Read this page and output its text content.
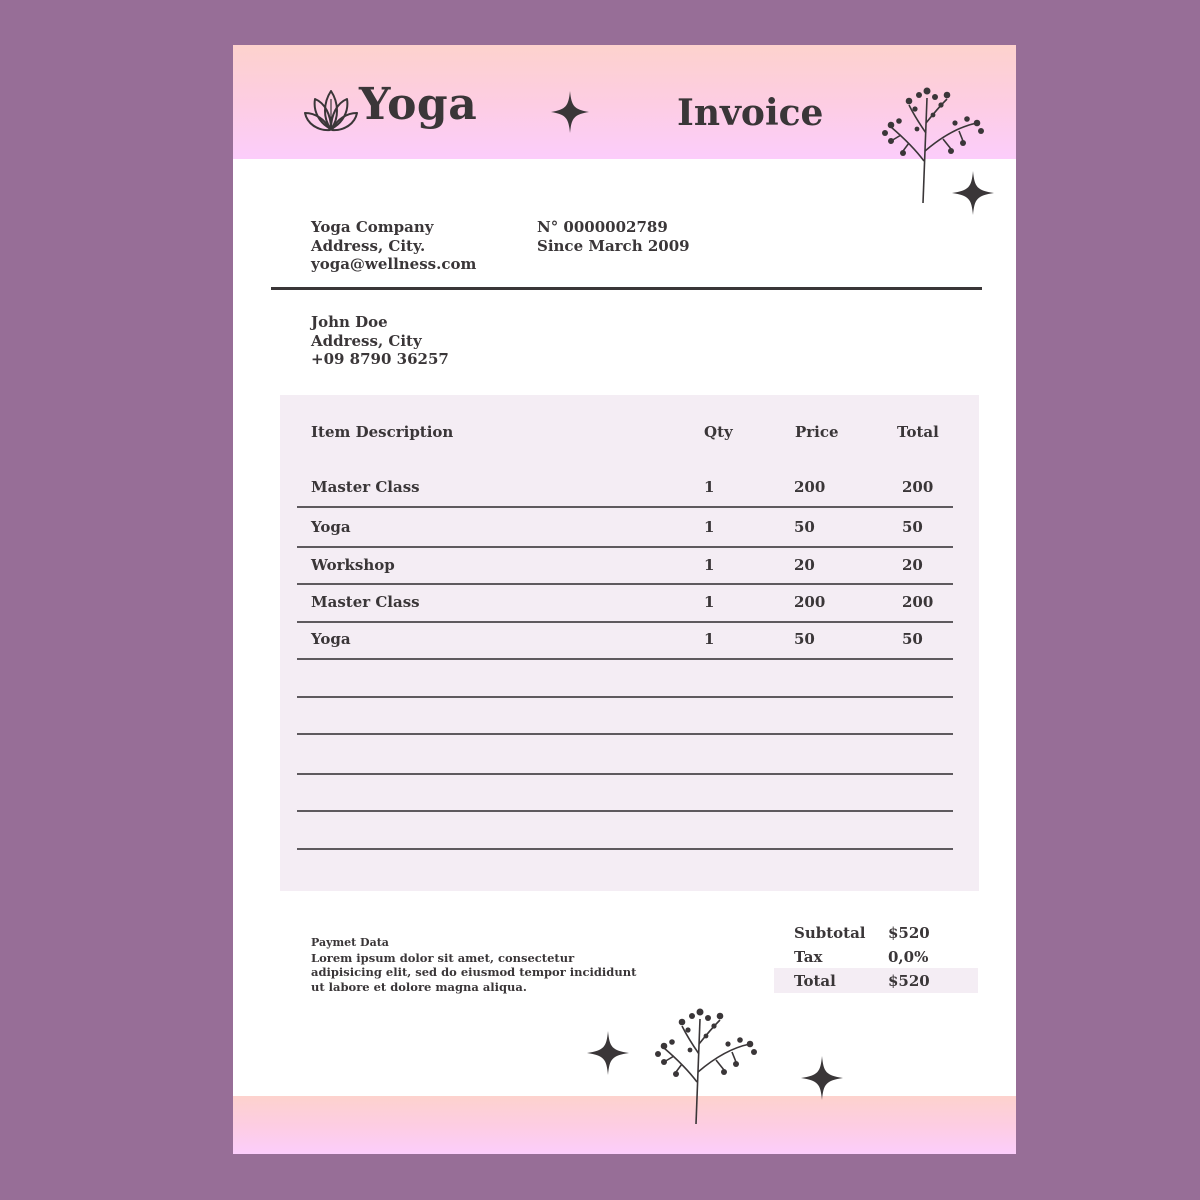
Yoga	Invoice
Yoga Company
Address, City.
yoga@wellness.com
N° 0000002789
Since March 2009
John Doe
Address, City
+09 8790 36257
Item Description	Qty	Price	Total
Master Class	1	200	200
Yoga	1	50	50
Workshop	1	20	20
Master Class	1	200	200
Yoga	1	50	50
Paymet Data
Lorem ipsum dolor sit amet, consectetur adipisicing elit, sed do eiusmod tempor incididunt ut labore et dolore magna aliqua.
Subtotal $520
Tax	0,0%
Total	$520
